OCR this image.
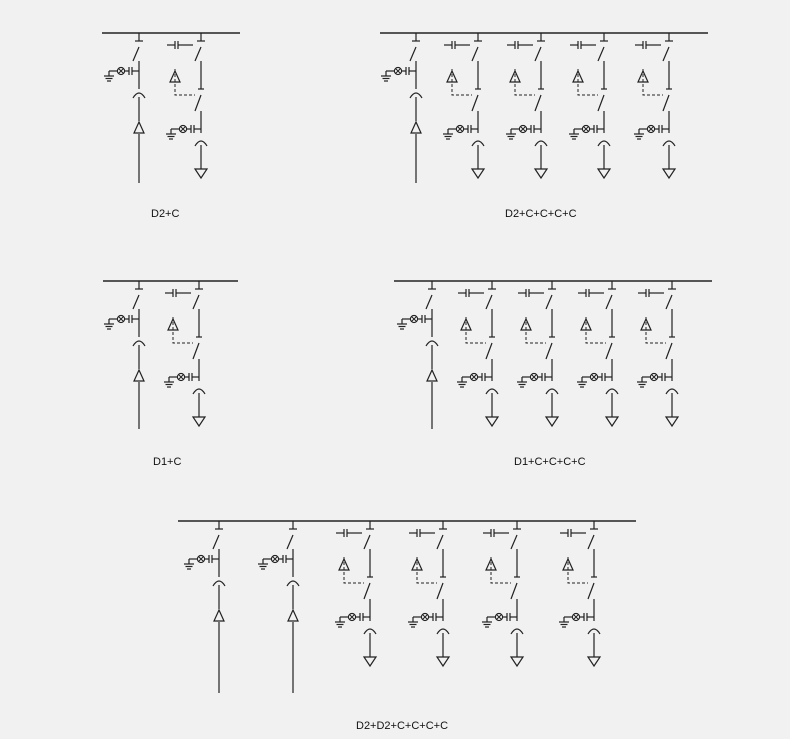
D2+C	D2+C+C+C+C
D1+C	D1+C+C+C+C
D2+D2+C+C+C+C
